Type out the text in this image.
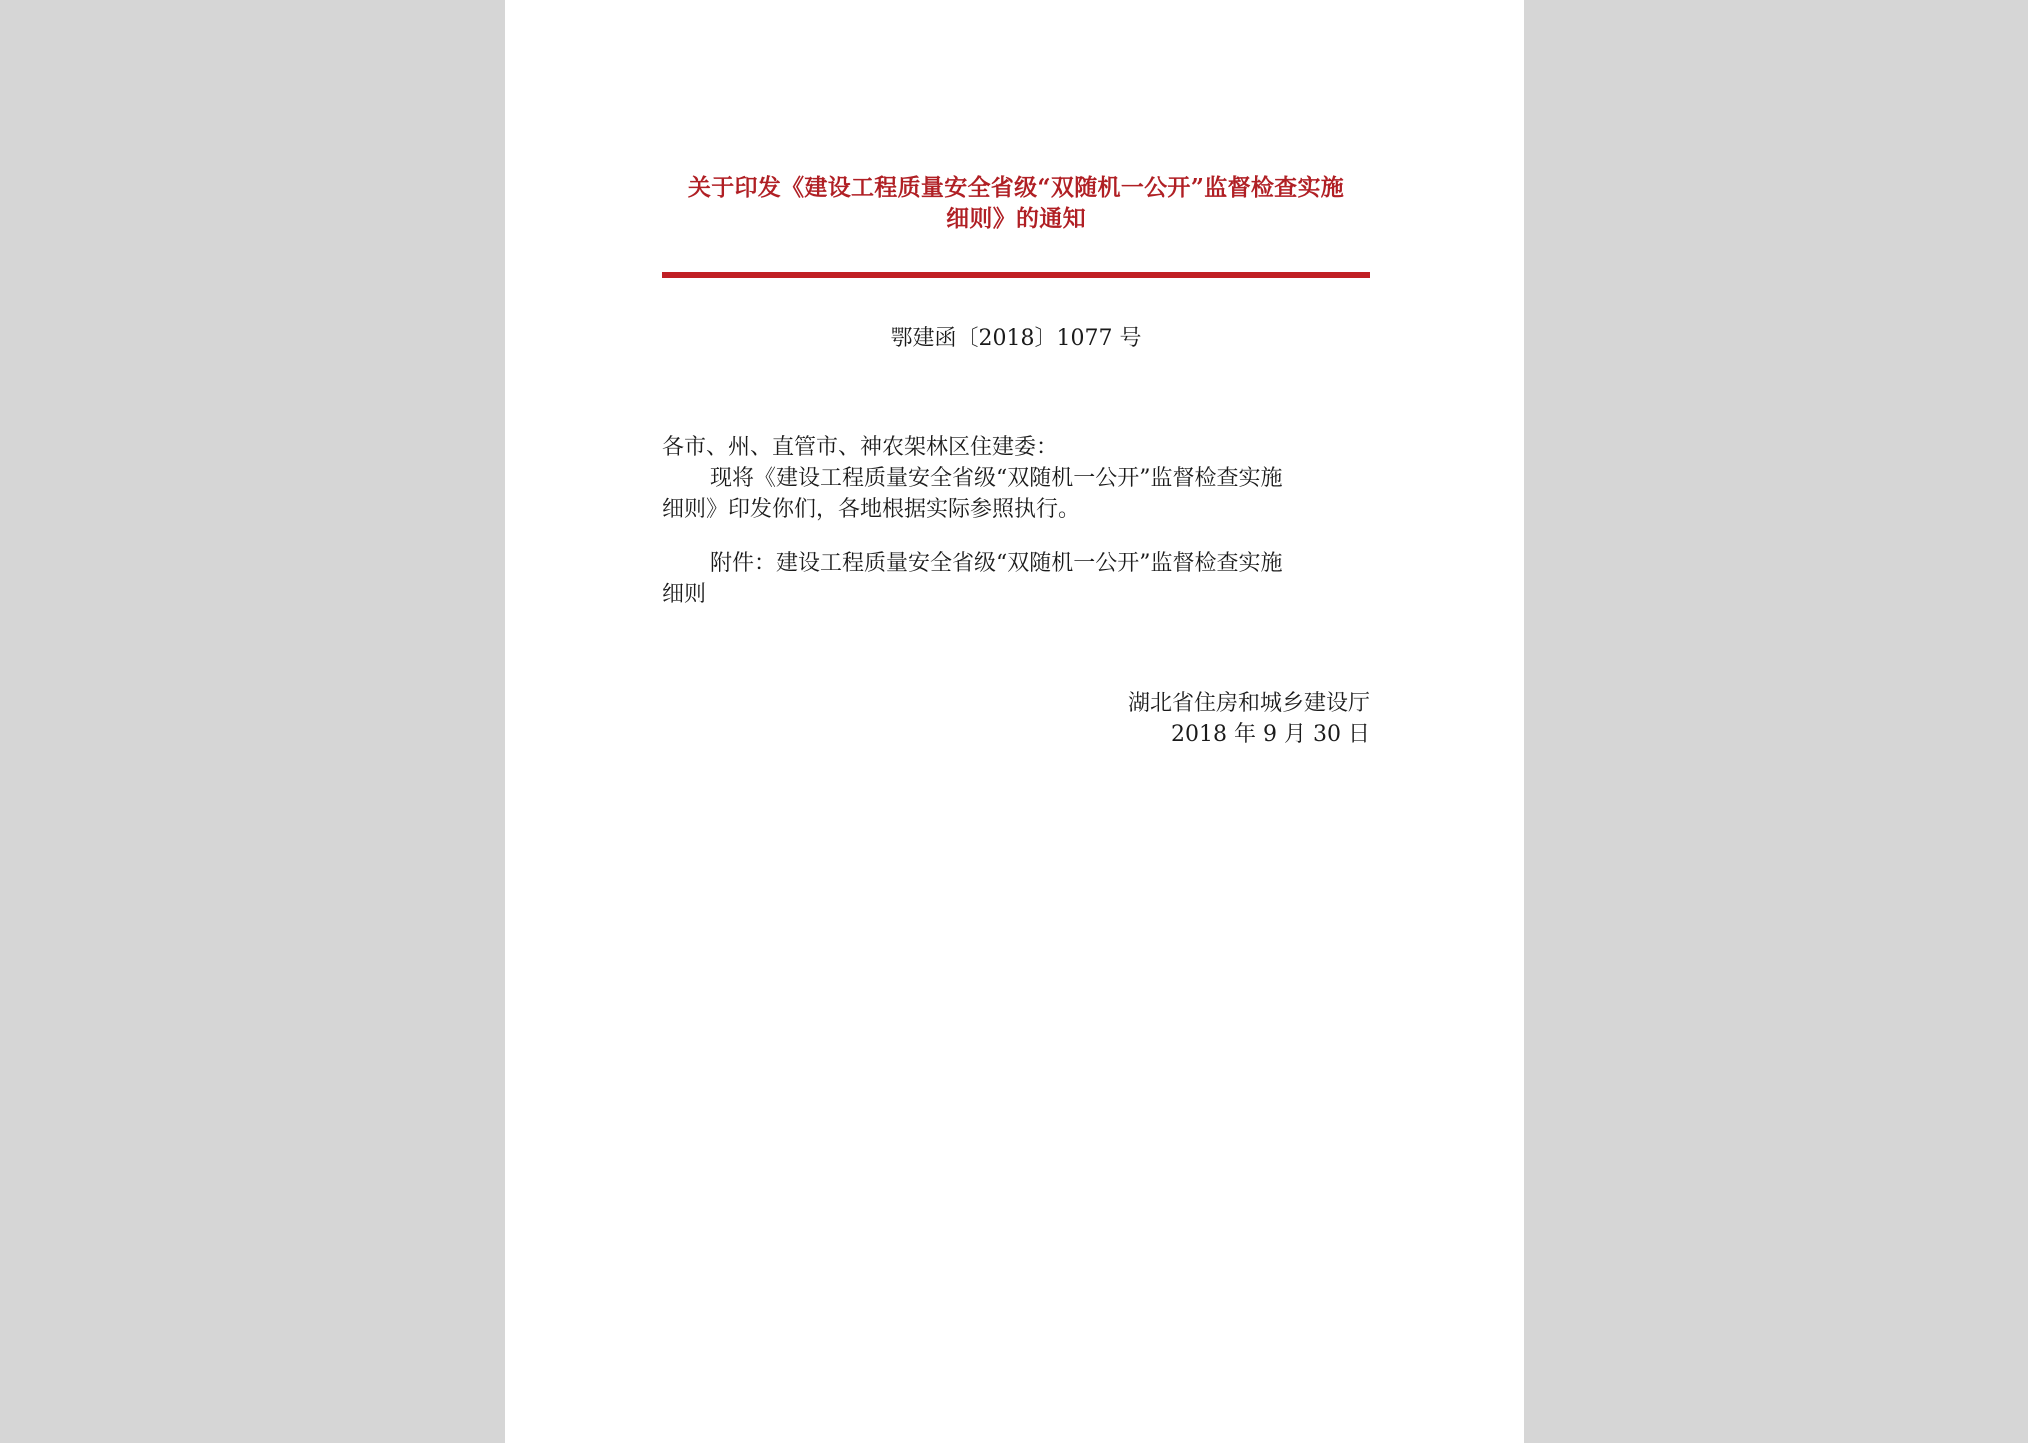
关于印发《建设工程质量安全省级“双随机一公开”监督检查实施
细则》的通知
鄂建函〔2018〕1077 号
各市、州、直管市、神农架林区住建委：
现将《建设工程质量安全省级“双随机一公开”监督检查实施
细则》印发你们，各地根据实际参照执行。
附件：建设工程质量安全省级“双随机一公开”监督检查实施
细则
湖北省住房和城乡建设厅
2018 年 9 月 30 日
